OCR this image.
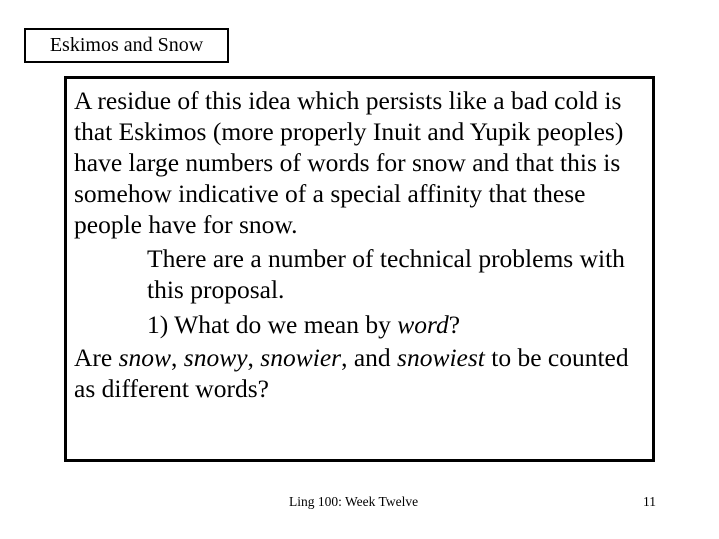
Eskimos and Snow

A residue of this idea which persists like a bad cold is that Eskimos (more properly Inuit and Yupik peoples) have large numbers of words for snow and that this is somehow indicative of a special affinity that these people have for snow.

There are a number of technical problems with this proposal.

1) What do we mean by word?

Are snow, snowy, snowier, and snowiest to be counted as different words?

Ling 100: Week Twelve	11
